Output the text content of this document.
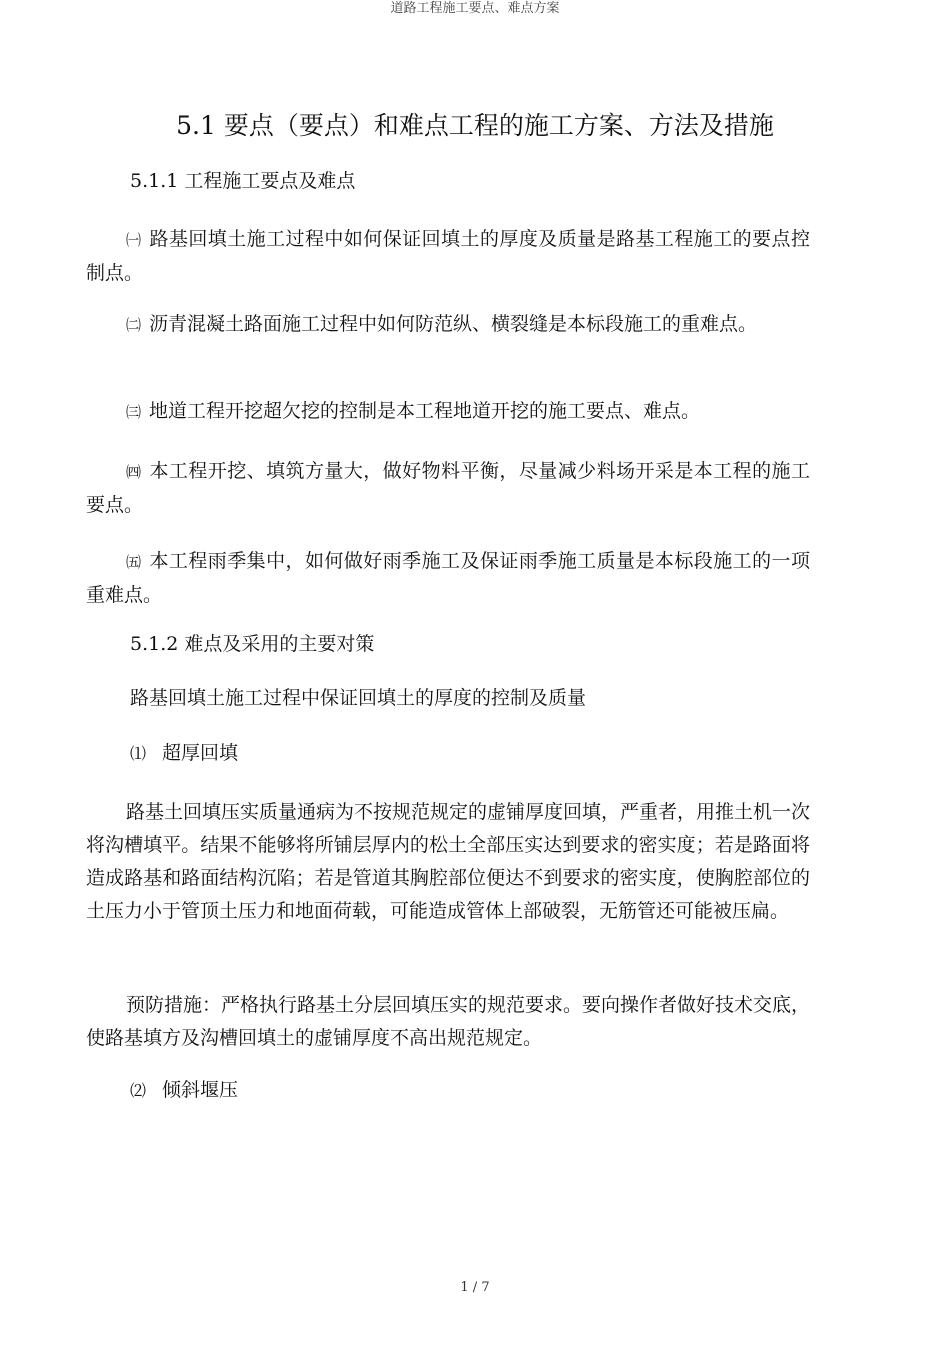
道路工程施工要点、难点方案
5.1 要点（要点）和难点工程的施工方案、方法及措施
5.1.1 工程施工要点及难点

㈠ 路基回填土施工过程中如何保证回填土的厚度及质量是路基工程施工的要点控制点。

㈡ 沥青混凝土路面施工过程中如何防范纵、横裂缝是本标段施工的重难点。

㈢ 地道工程开挖超欠挖的控制是本工程地道开挖的施工要点、难点。

㈣ 本工程开挖、填筑方量大，做好物料平衡，尽量减少料场开采是本工程的施工要点。

㈤ 本工程雨季集中，如何做好雨季施工及保证雨季施工质量是本标段施工的一项重难点。

5.1.2 难点及采用的主要对策

路基回填土施工过程中保证回填土的厚度的控制及质量

⑴ 超厚回填

路基土回填压实质量通病为不按规范规定的虚铺厚度回填，严重者，用推土机一次将沟槽填平。结果不能够将所铺层厚内的松土全部压实达到要求的密实度；若是路面将造成路基和路面结构沉陷；若是管道其胸腔部位便达不到要求的密实度，使胸腔部位的土压力小于管顶土压力和地面荷载，可能造成管体上部破裂，无筋管还可能被压扁。

预防措施：严格执行路基土分层回填压实的规范要求。要向操作者做好技术交底，使路基填方及沟槽回填土的虚铺厚度不高出规范规定。

⑵ 倾斜堰压

1 / 7
